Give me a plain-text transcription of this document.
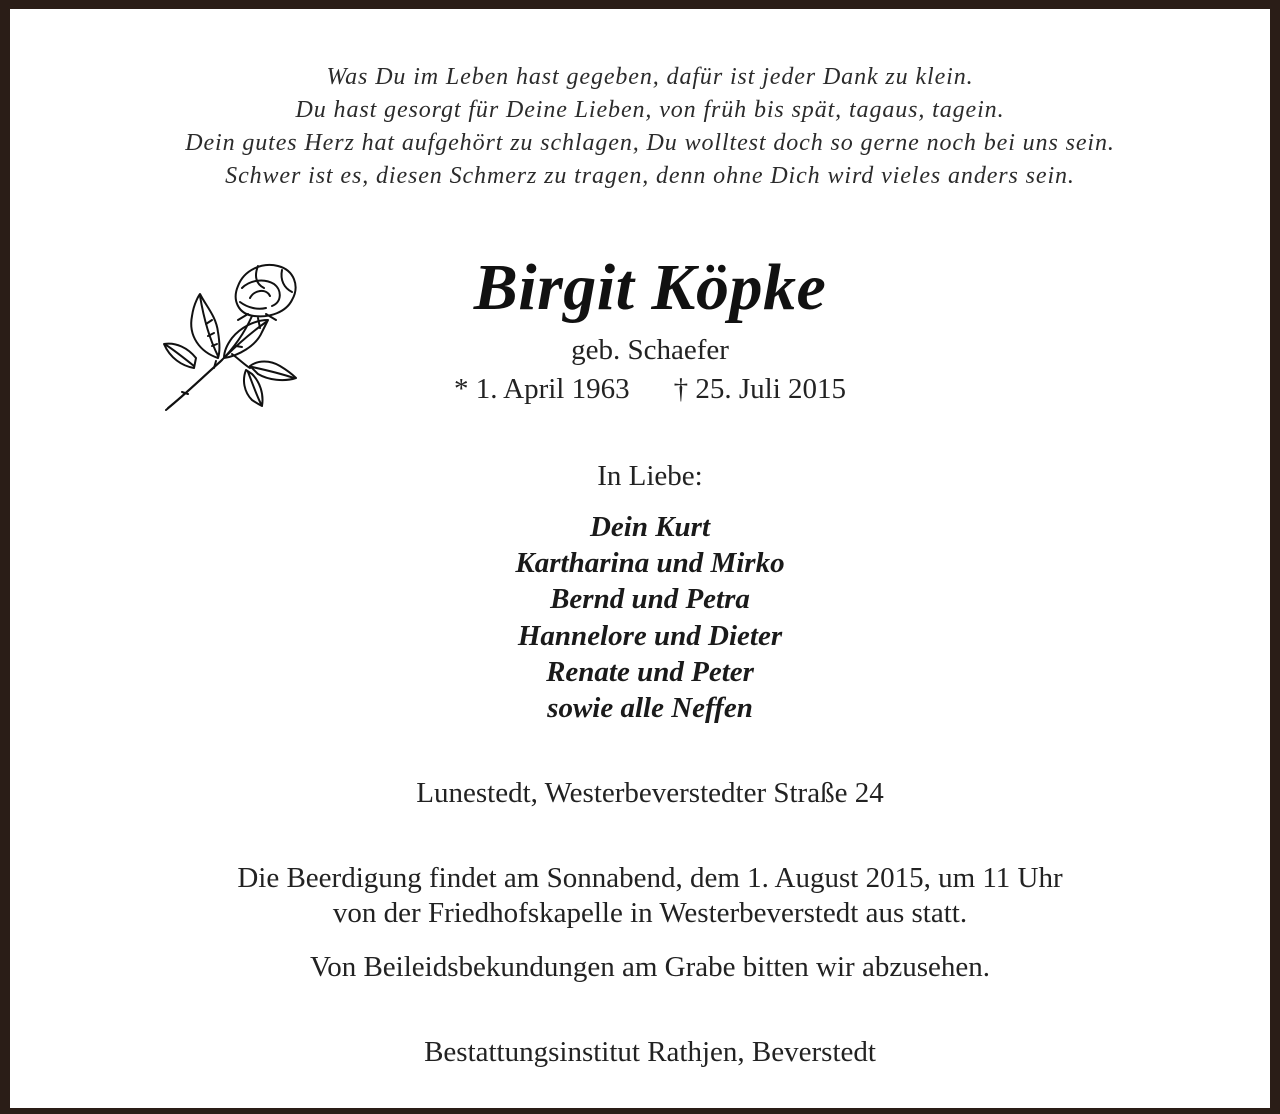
Was Du im Leben hast gegeben, dafür ist jeder Dank zu klein.

Du hast gesorgt für Deine Lieben, von früh bis spät, tagaus, tagein.

Dein gutes Herz hat aufgehört zu schlagen, Du wolltest doch so gerne noch bei uns sein.

Schwer ist es, diesen Schmerz zu tragen, denn ohne Dich wird vieles anders sein.

Birgit Köpke
geb. Schaefer
* 1. April 1963 † 25. Juli 2015
In Liebe:

Dein Kurt

Kartharina und Mirko

Bernd und Petra

Hannelore und Dieter

Renate und Peter

sowie alle Neffen

Lunestedt, Westerbeverstedter Straße 24

Die Beerdigung findet am Sonnabend, dem 1. August 2015, um 11 Uhr

von der Friedhofskapelle in Westerbeverstedt aus statt.

Von Beileidsbekundungen am Grabe bitten wir abzusehen.
Bestattungsinstitut Rathjen, Beverstedt
